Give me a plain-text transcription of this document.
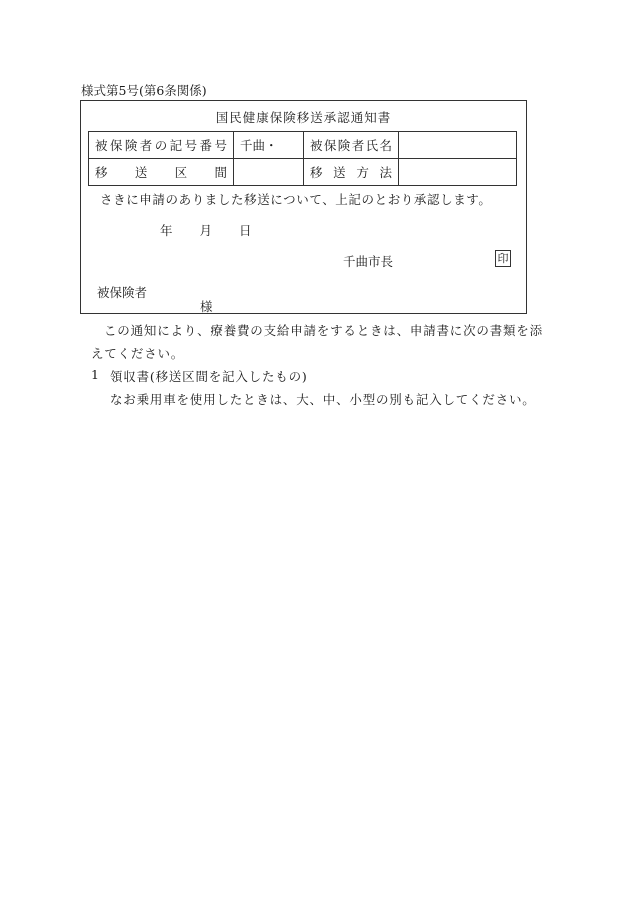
様式第5号(第6条関係)
国民健康保険移送承認通知書
被保険者の記号番号	千曲・	被保険者氏名	
移送区間		移送方法	
さきに申請のありました移送について、上記のとおり承認します。
年 月 日
千曲市長	印
被保険者
様
この通知により、療養費の支給申請をするときは、申請書に次の書類を添
えてください。
1 領収書(移送区間を記入したもの)
なお乗用車を使用したときは、大、中、小型の別も記入してください。
